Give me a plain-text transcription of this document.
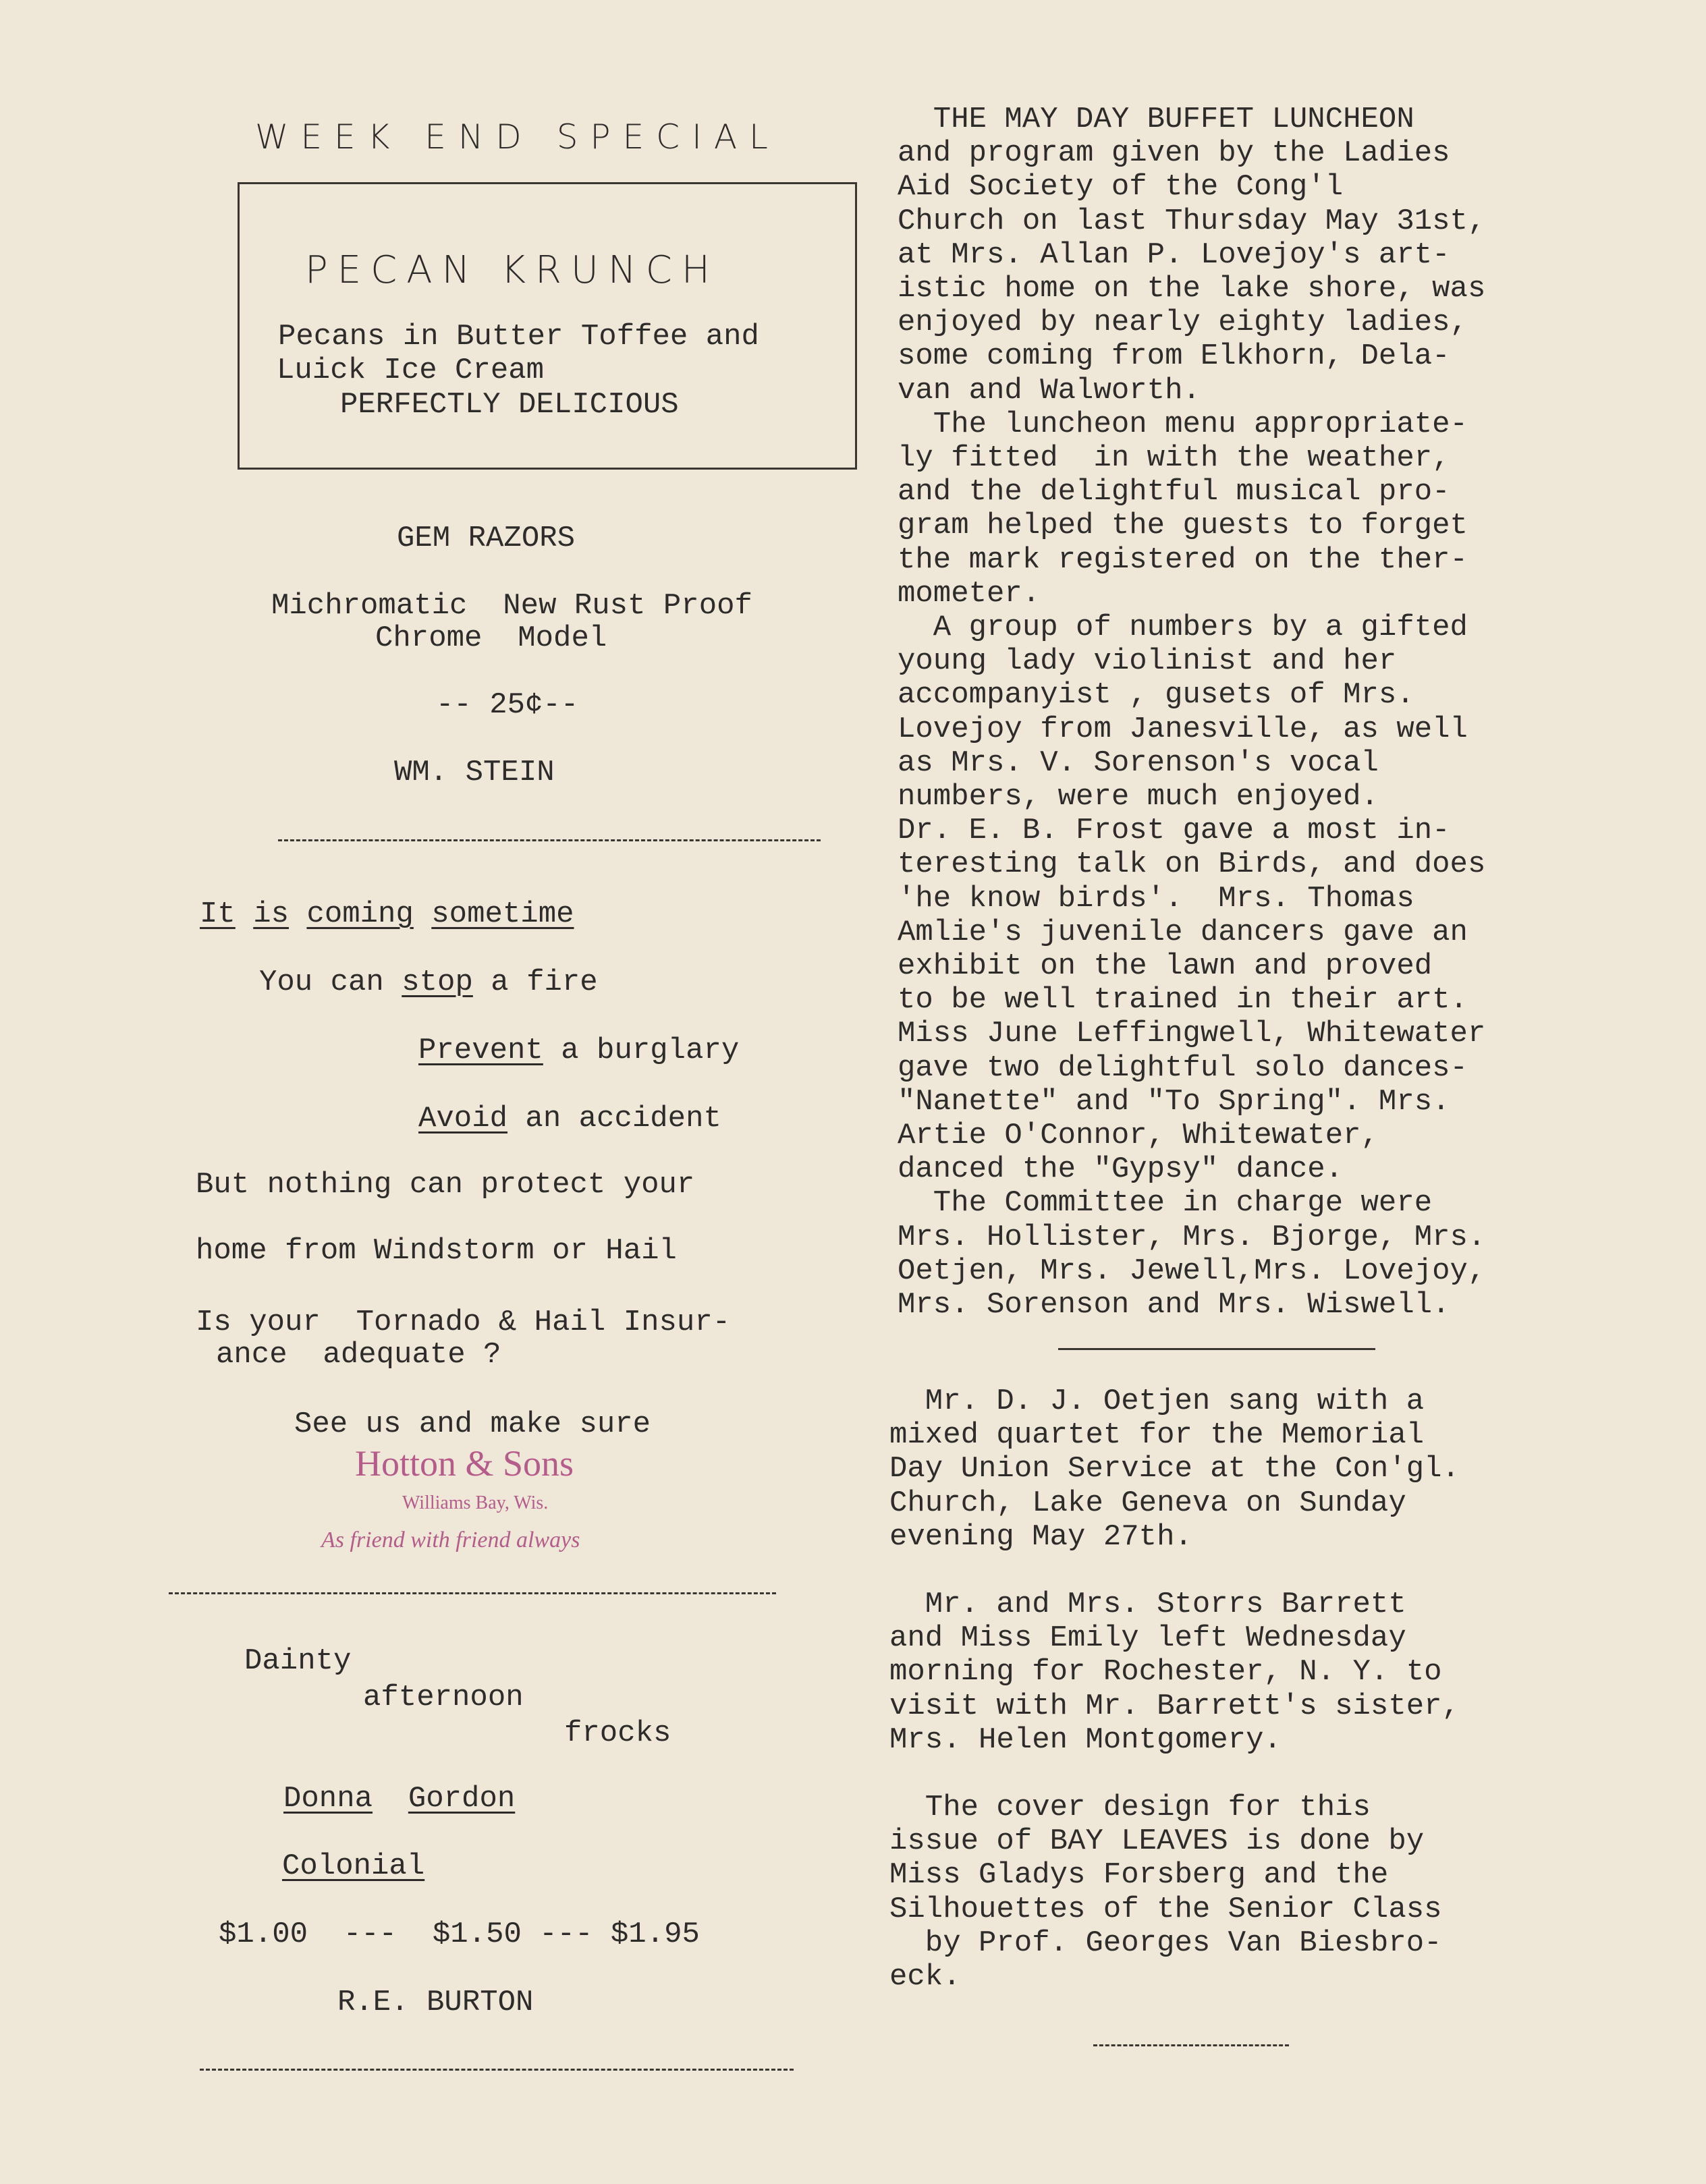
WEEK END SPECIAL
PECAN KRUNCH
Pecans in Butter Toffee and
Luick Ice Cream
PERFECTLY DELICIOUS
GEM RAZORS
Michromatic  New Rust Proof
Chrome  Model
-- 25¢--
WM. STEIN
It is coming sometime
You can stop a fire
Prevent a burglary
Avoid an accident
But nothing can protect your
home from Windstorm or Hail
Is your  Tornado & Hail Insur-
ance  adequate ?
See us and make sure
Hotton & Sons
Williams Bay, Wis.
As friend with friend always
Dainty
afternoon
frocks
Donna Gordon
Colonial
$1.00  ---  $1.50 --- $1.95
R.E. BURTON
THE MAY DAY BUFFET LUNCHEON
and program given by the Ladies
Aid Society of the Cong'l
Church on last Thursday May 31st,
at Mrs. Allan P. Lovejoy's art-
istic home on the lake shore, was
enjoyed by nearly eighty ladies,
some coming from Elkhorn, Dela-
van and Walworth.
The luncheon menu appropriate-
ly fitted  in with the weather,
and the delightful musical pro-
gram helped the guests to forget
the mark registered on the ther-
mometer.
A group of numbers by a gifted
young lady violinist and her
accompanyist , gusets of Mrs.
Lovejoy from Janesville, as well
as Mrs. V. Sorenson's vocal
numbers, were much enjoyed.
Dr. E. B. Frost gave a most in-
teresting talk on Birds, and does
'he know birds'.  Mrs. Thomas
Amlie's juvenile dancers gave an
exhibit on the lawn and proved
to be well trained in their art.
Miss June Leffingwell, Whitewater
gave two delightful solo dances-
"Nanette" and "To Spring". Mrs.
Artie O'Connor, Whitewater,
danced the "Gypsy" dance.
The Committee in charge were
Mrs. Hollister, Mrs. Bjorge, Mrs.
Oetjen, Mrs. Jewell,Mrs. Lovejoy,
Mrs. Sorenson and Mrs. Wiswell.
Mr. D. J. Oetjen sang with a
mixed quartet for the Memorial
Day Union Service at the Con'gl.
Church, Lake Geneva on Sunday
evening May 27th.
Mr. and Mrs. Storrs Barrett
and Miss Emily left Wednesday
morning for Rochester, N. Y. to
visit with Mr. Barrett's sister,
Mrs. Helen Montgomery.
The cover design for this
issue of BAY LEAVES is done by
Miss Gladys Forsberg and the
Silhouettes of the Senior Class
by Prof. Georges Van Biesbro-
eck.
